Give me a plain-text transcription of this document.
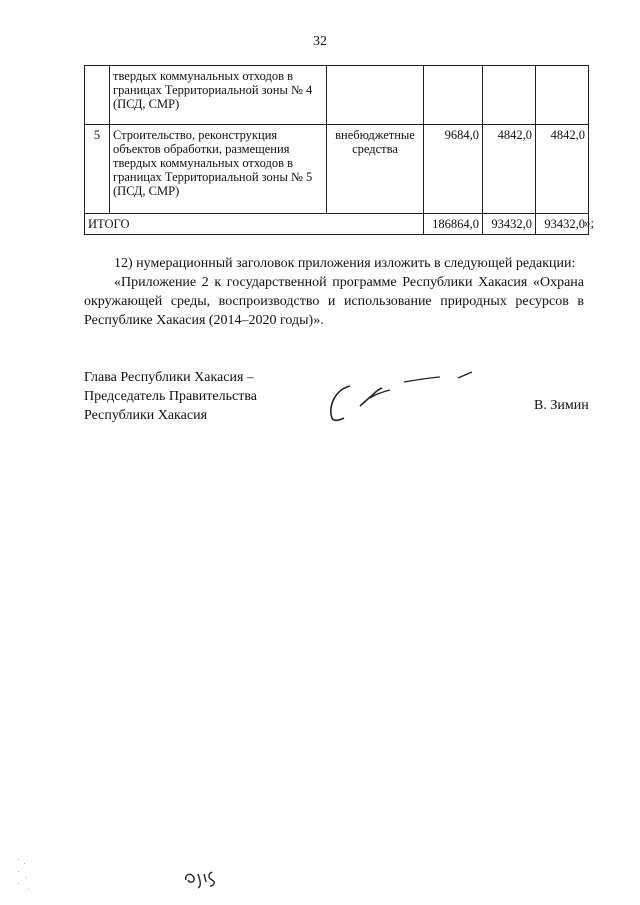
32
	твердых коммунальных отходов в границах Территориальной зоны № 4 (ПСД, СМР)				
5	Строительство, реконструкция объектов обработки, размещения твердых коммунальных отходов в границах Территориальной зоны № 5 (ПСД, СМР)	внебюджетные средства	9684,0	4842,0	4842,0
ИТОГО			186864,0	93432,0	93432,0 »;
12) нумерационный заголовок приложения изложить в следующей редакции:
«Приложение 2 к государственной программе Республики Хакасия «Охрана окружающей среды, воспроизводство и использование природных ресурсов в Республике Хакасия (2014–2020 годы)».
Глава Республики Хакасия –
Председатель Правительства
Республики Хакасия
В. Зимин
